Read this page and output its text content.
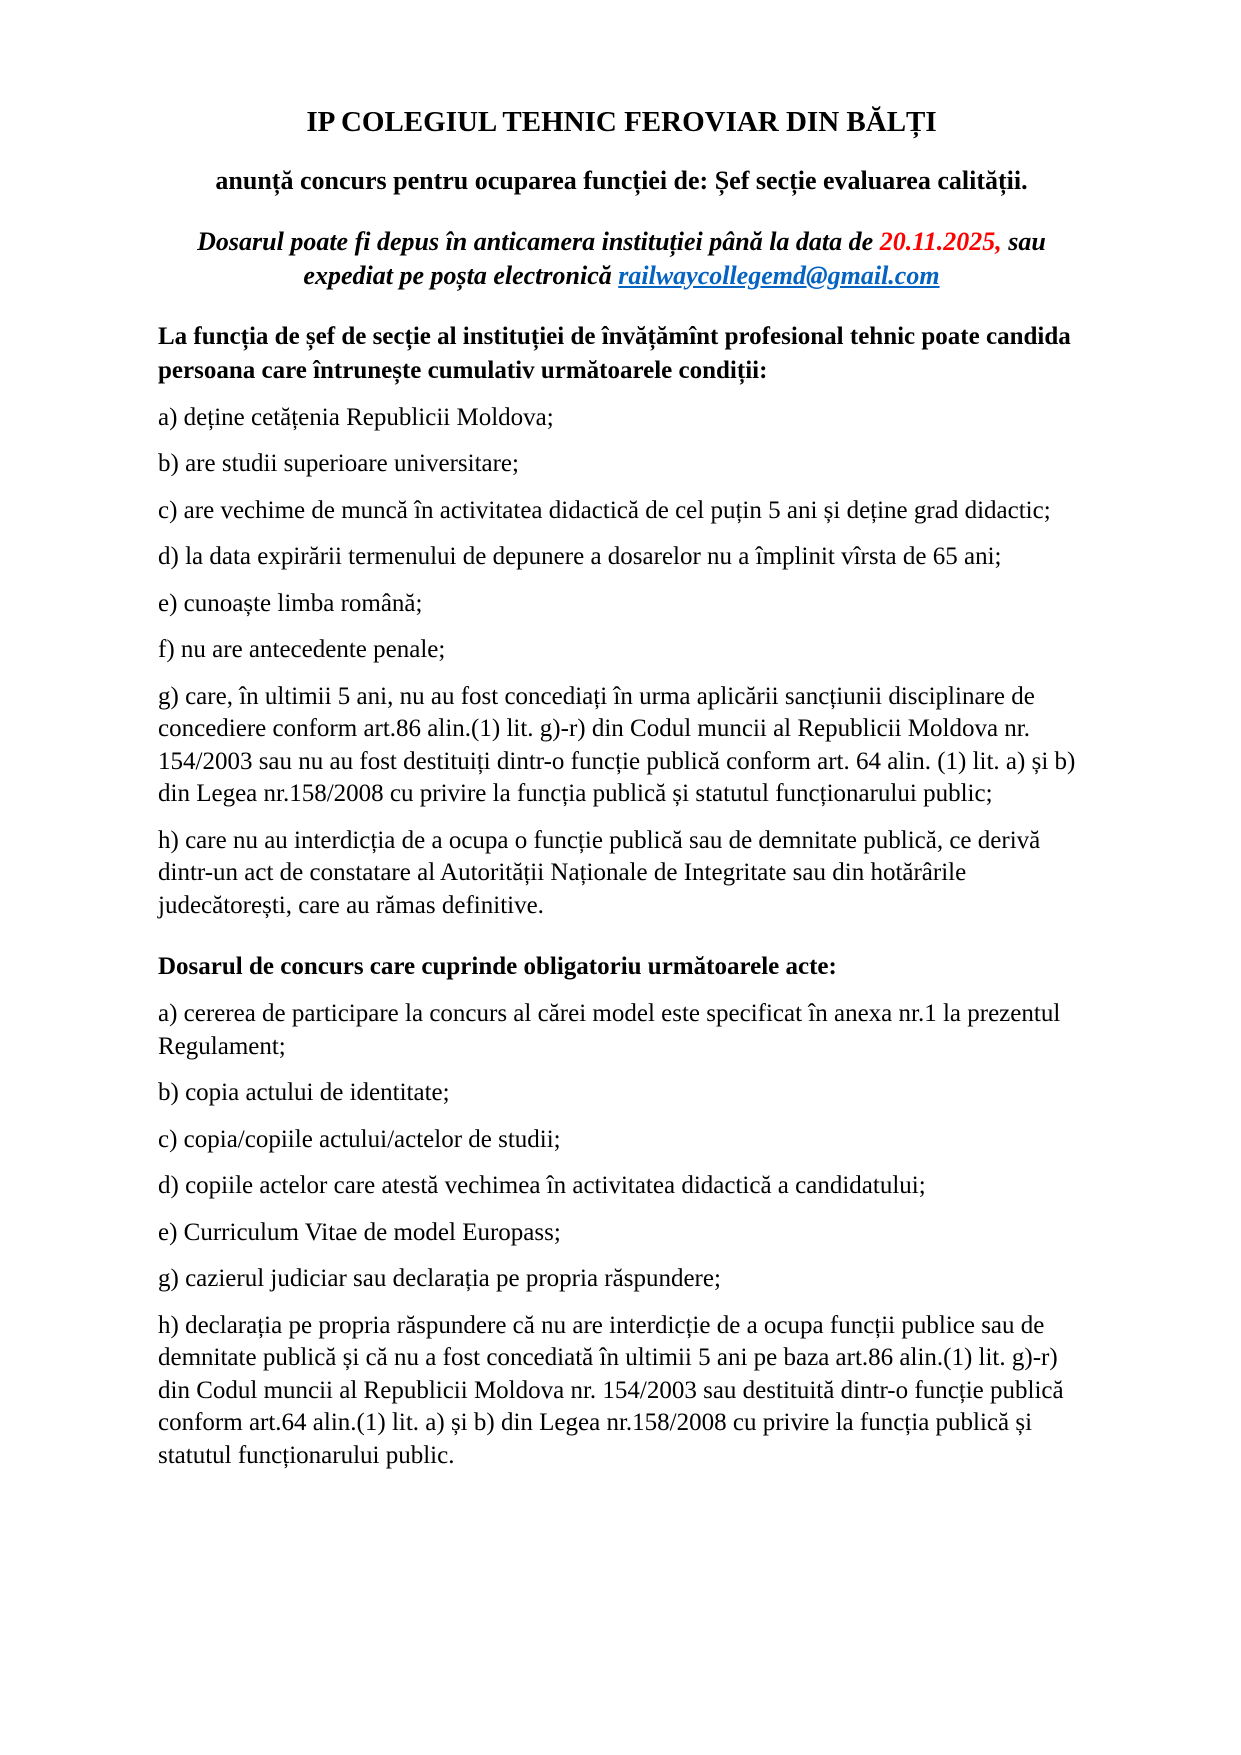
IP COLEGIUL TEHNIC FEROVIAR DIN BĂLȚI

anunță concurs pentru ocuparea funcției de: Șef secție evaluarea calității.

Dosarul poate fi depus în anticamera instituției până la data de 20.11.2025, sau expediat pe poșta electronică railwaycollegemd@gmail.com

La funcția de șef de secție al instituției de învățămînt profesional tehnic poate candida persoana care întrunește cumulativ următoarele condiții:

a) deține cetățenia Republicii Moldova;

b) are studii superioare universitare;

c) are vechime de muncă în activitatea didactică de cel puțin 5 ani și deține grad didactic;

d) la data expirării termenului de depunere a dosarelor nu a împlinit vîrsta de 65 ani;

e) cunoaște limba română;

f) nu are antecedente penale;

g) care, în ultimii 5 ani, nu au fost concediați în urma aplicării sancțiunii disciplinare de concediere conform art.86 alin.(1) lit. g)-r) din Codul muncii al Republicii Moldova nr. 154/2003 sau nu au fost destituiți dintr-o funcție publică conform art. 64 alin. (1) lit. a) și b) din Legea nr.158/2008 cu privire la funcția publică și statutul funcționarului public;

h) care nu au interdicția de a ocupa o funcție publică sau de demnitate publică, ce derivă dintr-un act de constatare al Autorității Naționale de Integritate sau din hotărârile judecătorești, care au rămas definitive.

Dosarul de concurs care cuprinde obligatoriu următoarele acte:

a) cererea de participare la concurs al cărei model este specificat în anexa nr.1 la prezentul Regulament;

b) copia actului de identitate;

c) copia/copiile actului/actelor de studii;

d) copiile actelor care atestă vechimea în activitatea didactică a candidatului;

e) Curriculum Vitae de model Europass;

g) cazierul judiciar sau declarația pe propria răspundere;

h) declarația pe propria răspundere că nu are interdicție de a ocupa funcții publice sau de demnitate publică și că nu a fost concediată în ultimii 5 ani pe baza art.86 alin.(1) lit. g)-r) din Codul muncii al Republicii Moldova nr. 154/2003 sau destituită dintr-o funcție publică conform art.64 alin.(1) lit. a) și b) din Legea nr.158/2008 cu privire la funcția publică și statutul funcționarului public.
